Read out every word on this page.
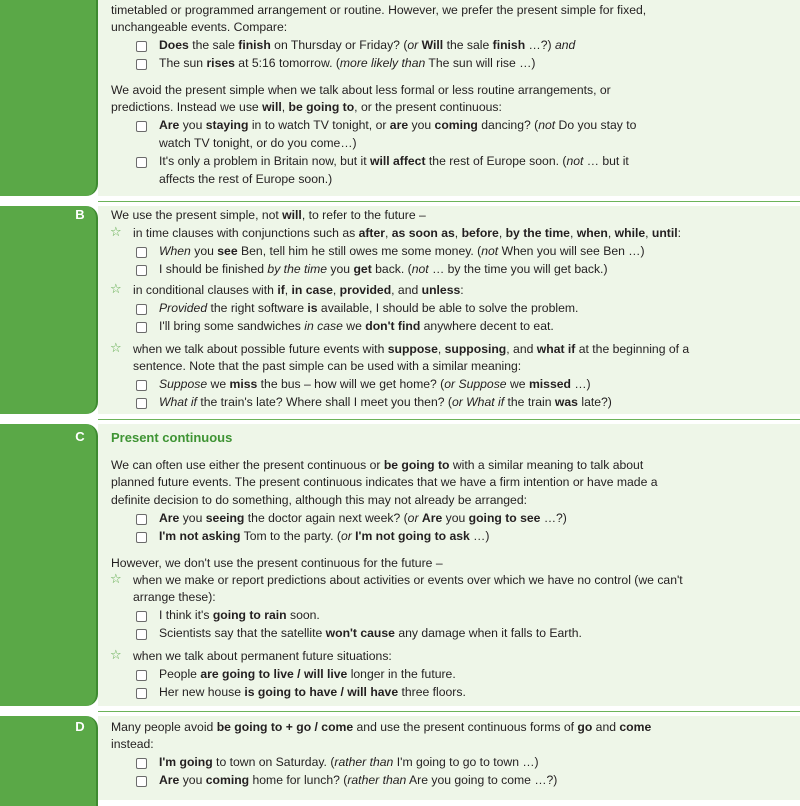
B
C
D
Present continuous
timetabled or programmed arrangement or routine. However, we prefer the present simple for fixed,
unchangeable events. Compare:
Does the sale finish on Thursday or Friday? (or Will the sale finish …?) and
The sun rises at 5:16 tomorrow. (more likely than The sun will rise …)
We avoid the present simple when we talk about less formal or less routine arrangements, or
predictions. Instead we use will, be going to, or the present continuous:
Are you staying in to watch TV tonight, or are you coming dancing? (not Do you stay to
watch TV tonight, or do you come…)
It's only a problem in Britain now, but it will affect the rest of Europe soon. (not … but it
affects the rest of Europe soon.)
We use the present simple, not will, to refer to the future –
☆ in time clauses with conjunctions such as after, as soon as, before, by the time, when, while, until:
When you see Ben, tell him he still owes me some money. (not When you will see Ben …)
I should be finished by the time you get back. (not … by the time you will get back.)
☆ in conditional clauses with if, in case, provided, and unless:
Provided the right software is available, I should be able to solve the problem.
I'll bring some sandwiches in case we don't find anywhere decent to eat.
☆ when we talk about possible future events with suppose, supposing, and what if at the beginning of a
sentence. Note that the past simple can be used with a similar meaning:
Suppose we miss the bus – how will we get home? (or Suppose we missed …)
What if the train's late? Where shall I meet you then? (or What if the train was late?)
We can often use either the present continuous or be going to with a similar meaning to talk about
planned future events. The present continuous indicates that we have a firm intention or have made a
definite decision to do something, although this may not already be arranged:
Are you seeing the doctor again next week? (or Are you going to see …?)
I'm not asking Tom to the party. (or I'm not going to ask …)
However, we don't use the present continuous for the future –
☆ when we make or report predictions about activities or events over which we have no control (we can't
arrange these):
I think it's going to rain soon.
Scientists say that the satellite won't cause any damage when it falls to Earth.
☆ when we talk about permanent future situations:
People are going to live / will live longer in the future.
Her new house is going to have / will have three floors.
Many people avoid be going to + go / come and use the present continuous forms of go and come
instead:
I'm going to town on Saturday. (rather than I'm going to go to town …)
Are you coming home for lunch? (rather than Are you going to come …?)
